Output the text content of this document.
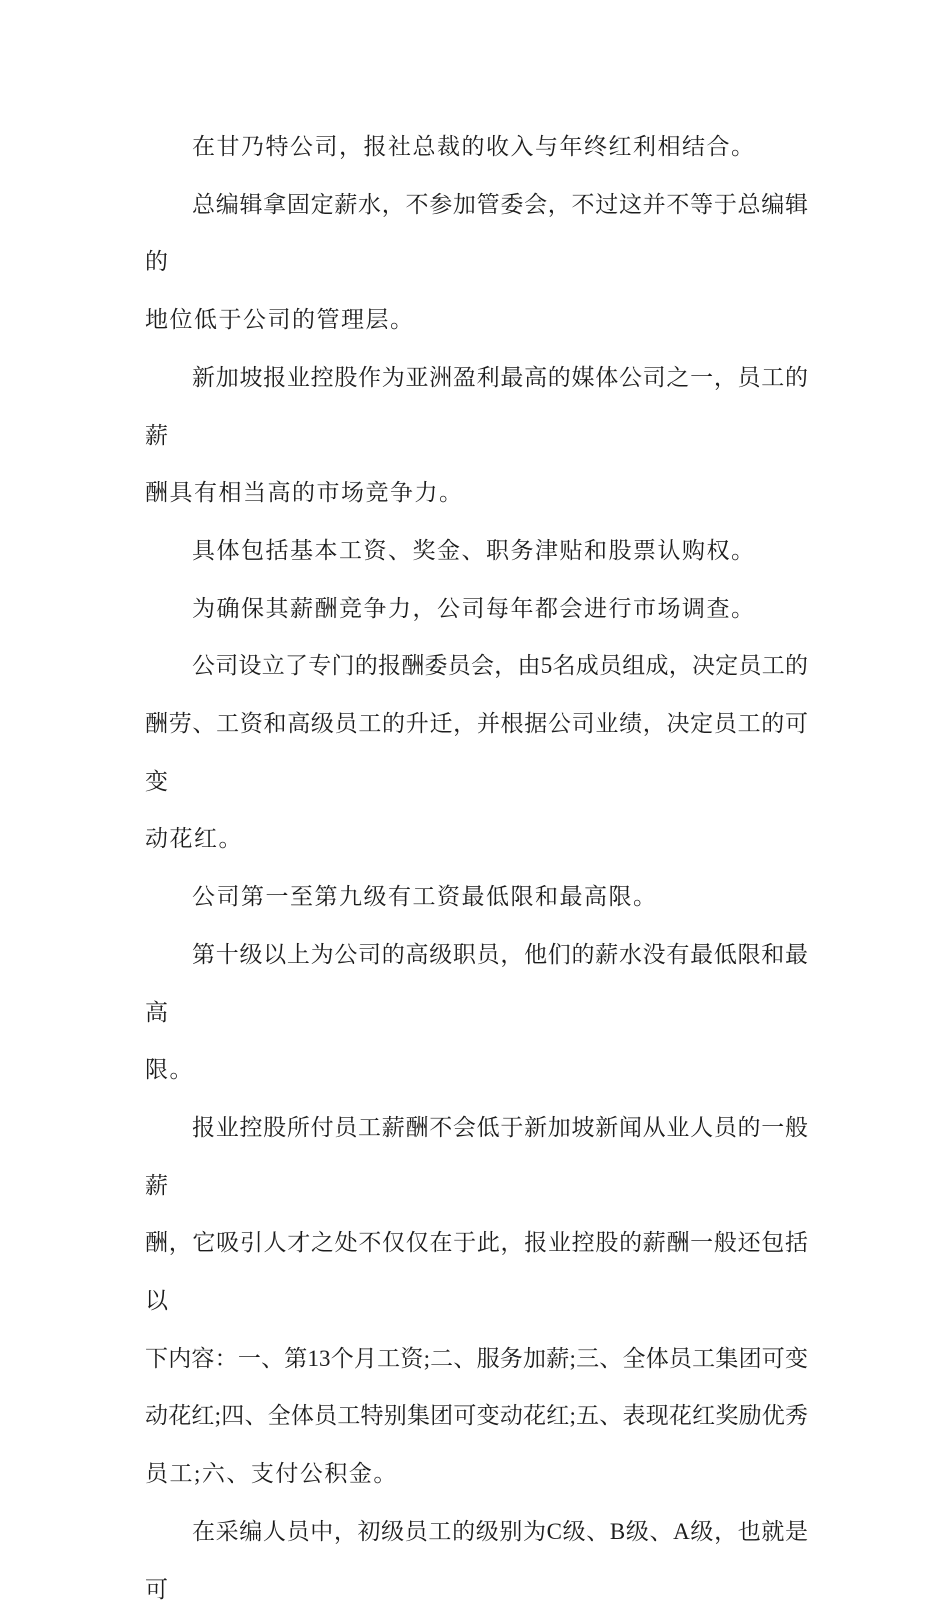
在甘乃特公司，报社总裁的收入与年终红利相结合。
总编辑拿固定薪水，不参加管委会，不过这并不等于总编辑的
地位低于公司的管理层。
新加坡报业控股作为亚洲盈利最高的媒体公司之一，员工的薪
酬具有相当高的市场竞争力。
具体包括基本工资、奖金、职务津贴和股票认购权。
为确保其薪酬竞争力，公司每年都会进行市场调查。
公司设立了专门的报酬委员会，由5名成员组成，决定员工的
酬劳、工资和高级员工的升迁，并根据公司业绩，决定员工的可变
动花红。
公司第一至第九级有工资最低限和最高限。
第十级以上为公司的高级职员，他们的薪水没有最低限和最高
限。
报业控股所付员工薪酬不会低于新加坡新闻从业人员的一般薪
酬，它吸引人才之处不仅仅在于此，报业控股的薪酬一般还包括以
下内容：一、第13个月工资;二、服务加薪;三、全体员工集团可变
动花红;四、全体员工特别集团可变动花红;五、表现花红奖励优秀
员工;六、支付公积金。
在采编人员中，初级员工的级别为C级、B级、A级，也就是可
